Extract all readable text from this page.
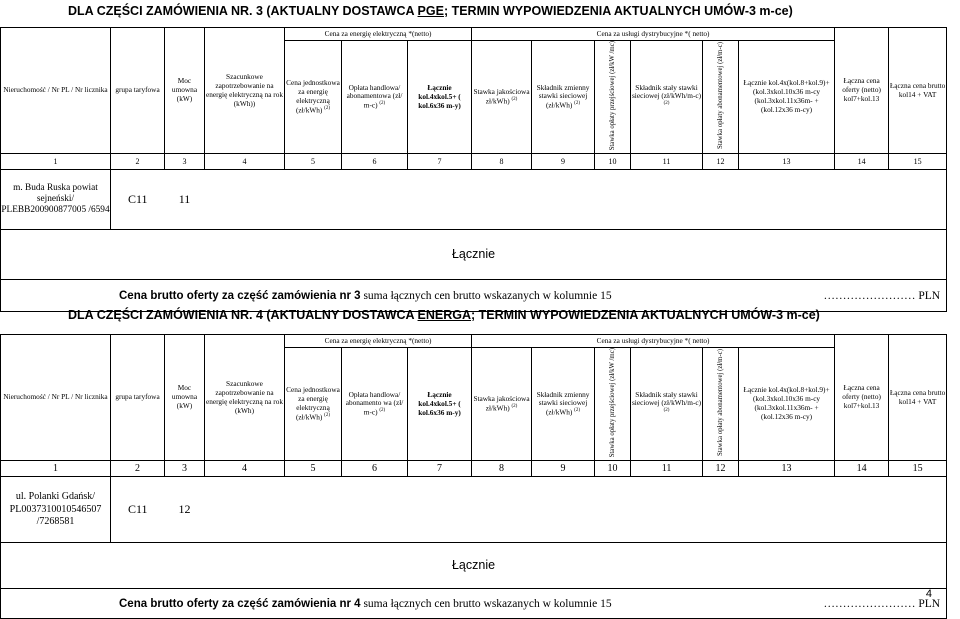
DLA CZĘŚCI ZAMÓWIENIA NR. 3 (AKTUALNY DOSTAWCA PGE; TERMIN WYPOWIEDZENIA AKTUALNYCH UMÓW-3 m-ce)
Nieruchomość / Nr PL / Nr licznika	grupa taryfowa	Moc umowna (kW)	Szacunkowe zapotrzebowanie na energię elektryczną na rok (kWh))	Cena za energię elektryczną *(netto)			Cena za usługi dystrybucyjne *( netto)						Łączna cena oferty (netto) kol7+kol.13	Łączna cena brutto kol14 + VAT
				Cena jednostkowa za energię elektryczną (zł/kWh) $^{(2)}$	Opłata handlowa/ abonamentowa (zł/ m-c) $^{(2)}$	Łącznie kol.4xkol.5+ ( kol.6x36 m-y)	Stawka jakościowa zł/kWh) $^{(2)}$	Składnik zmienny stawki sieciowej (zł/kWh) $^{(2)}$	Stawka opłaty przejściowej (zł/kW /mc)	Składnik stały stawki sieciowej (zł/kWh/m-c) $^{(2)}$	Stawka opłaty abonamentowej (zł/m-c)	Łącznie kol.4x(kol.8+kol.9)+ (kol.3xkol.10x36 m-cy (kol.3xkol.11x36m- +(kol.12x36 m-cy)		
1	2	3	4	5	6	7	8	9	10	11	12	13	14	15
m. Buda Ruska powiat sejneński/ PLEBB200900877005 /6594	C11	11												
Łącznie														
Cena brutto oferty za część zamówienia nr 3 suma łącznych cen brutto wskazanych w kolumnie 15												…………………… PLN		
DLA CZĘŚCI ZAMÓWIENIA NR. 4 (AKTUALNY DOSTAWCA ENERGA; TERMIN WYPOWIEDZENIA AKTUALNYCH UMÓW-3 m-ce)
Nieruchomość / Nr PL / Nr licznika	grupa taryfowa	Moc umowna (kW)	Szacunkowe zapotrzebowanie na energię elektryczną na rok (kWh)	Cena za energię elektryczną *(netto)			Cena za usługi dystrybucyjne *( netto)						Łączna cena oferty (netto) kol7+kol.13	Łączna cena brutto kol14 + VAT
				Cena jednostkowa za energię elektryczną (zł/kWh) $^{(2)}$	Opłata handlowa/ abonamento wa (zł/ m-c) $^{(2)}$	Łącznie kol.4xkol.5+ ( kol.6x36 m-y)	Stawka jakościowa zł/kWh) $^{(2)}$	Składnik zmienny stawki sieciowej (zł/kWh) $^{(2)}$	Stawka opłaty przejściowej (zł/kW /mc)	Składnik stały stawki sieciowej (zł/kWh/m-c) $^{(2)}$	Stawka opłaty abonamentowej (zł/m-c)	Łącznie kol.4x(kol.8+kol.9)+ (kol.3xkol.10x36 m-cy (kol.3xkol.11x36m- +(kol.12x36 m-cy)		
1	2	3	4	5	6	7	8	9	10	11	12	13	14	15
ul. Polanki Gdańsk/ PL0037310010546507 /7268581	C11	12												
Łącznie														
Cena brutto oferty za część zamówienia nr 4 suma łącznych cen brutto wskazanych w kolumnie 15												…………………… PLN		
4
